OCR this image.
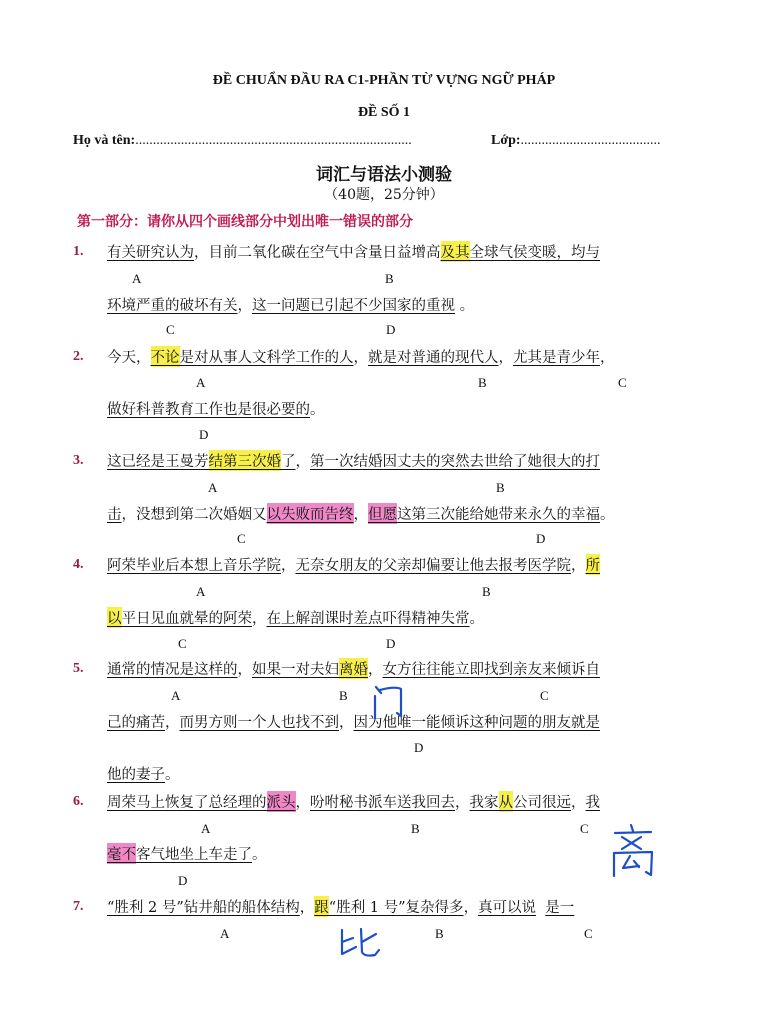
ĐỀ CHUẨN ĐẦU RA C1-PHẦN TỪ VỰNG NGỮ PHÁP
ĐỀ SỐ 1
Họ và tên:...............................................................................	Lớp:........................................
词汇与语法小测验
（40题，25分钟）
第一部分：请你从四个画线部分中划出唯一错误的部分
1.
2.
3.
4.
5.
6.
7.
有关研究认为，目前二氧化碳在空气中含量日益增高及其全球气侯变暖，均与
环境严重的破坏有关，这一问题已引起不少国家的重视 。
今天，不论是对从事人文科学工作的人，就是对普通的现代人，尤其是青少年，
做好科普教育工作也是很必要的。
这已经是王曼芳结第三次婚了，第一次结婚因丈夫的突然去世给了她很大的打
击，没想到第二次婚姻又以失败而告终，但愿这第三次能给她带来永久的幸福。
阿荣毕业后本想上音乐学院，无奈女朋友的父亲却偏要让他去报考医学院，所
以平日见血就晕的阿荣，在上解剖课时差点吓得精神失常。
通常的情况是这样的，如果一对夫妇离婚，女方往往能立即找到亲友来倾诉自
己的痛苦，而男方则一个人也找不到，因为他唯一能倾诉这种问题的朋友就是
他的妻子。
周荣马上恢复了总经理的派头，吩咐秘书派车送我回去，我家从公司很远，我
毫不客气地坐上车走了。
“胜利 2 号”钻井船的船体结构，跟“胜利 1 号”复杂得多，真可以说 是一
A	B
C	D
A	B	C
D
A	B
C	D
A	B
C	D
A	B	C
D
A	B	C
D
A	B	C
